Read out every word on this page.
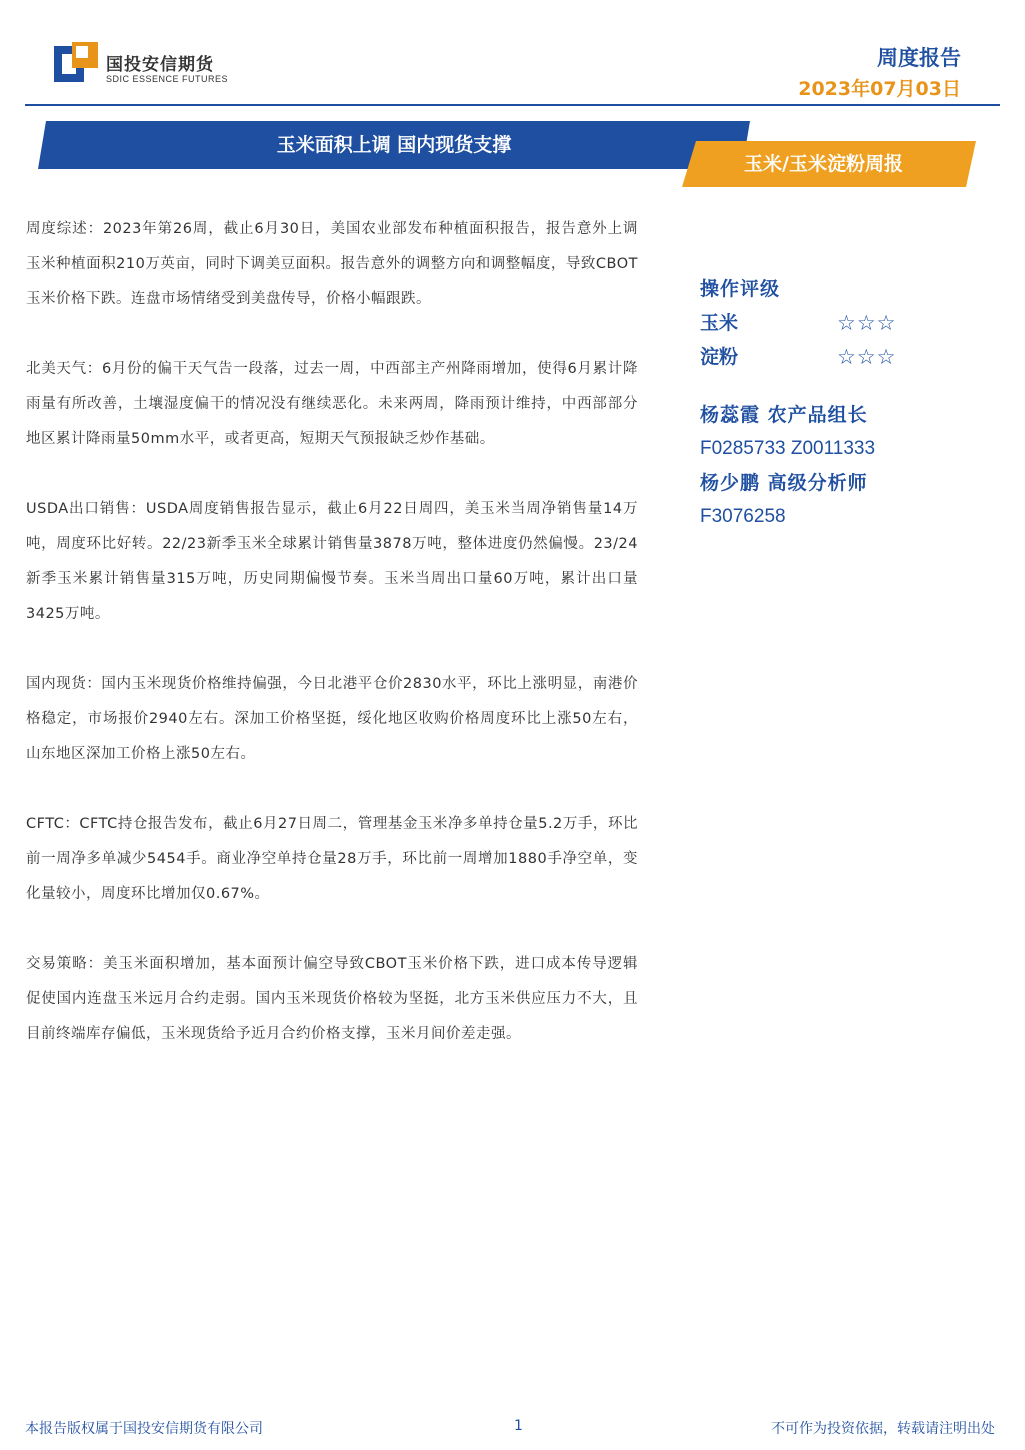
国投安信期货
SDIC ESSENCE FUTURES
周度报告
2023年07月03日
玉米面积上调 国内现货支撑
玉米/玉米淀粉周报

周度综述：2023年第26周，截止6月30日，美国农业部发布种植面积报告，报告意外上调玉米种植面积210万英亩，同时下调美豆面积。报告意外的调整方向和调整幅度，导致CBOT玉米价格下跌。连盘市场情绪受到美盘传导，价格小幅跟跌。

北美天气：6月份的偏干天气告一段落，过去一周，中西部主产州降雨增加，使得6月累计降雨量有所改善，土壤湿度偏干的情况没有继续恶化。未来两周，降雨预计维持，中西部部分地区累计降雨量50mm水平，或者更高，短期天气预报缺乏炒作基础。

USDA出口销售：USDA周度销售报告显示，截止6月22日周四，美玉米当周净销售量14万吨，周度环比好转。22/23新季玉米全球累计销售量3878万吨，整体进度仍然偏慢。23/24新季玉米累计销售量315万吨，历史同期偏慢节奏。玉米当周出口量60万吨，累计出口量3425万吨。

国内现货：国内玉米现货价格维持偏强，今日北港平仓价2830水平，环比上涨明显，南港价格稳定，市场报价2940左右。深加工价格坚挺，绥化地区收购价格周度环比上涨50左右，山东地区深加工价格上涨50左右。

CFTC：CFTC持仓报告发布，截止6月27日周二，管理基金玉米净多单持仓量5.2万手，环比前一周净多单减少5454手。商业净空单持仓量28万手，环比前一周增加1880手净空单，变化量较小，周度环比增加仅0.67%。

交易策略：美玉米面积增加，基本面预计偏空导致CBOT玉米价格下跌，进口成本传导逻辑促使国内连盘玉米远月合约走弱。国内玉米现货价格较为坚挺，北方玉米供应压力不大，且目前终端库存偏低，玉米现货给予近月合约价格支撑，玉米月间价差走强。

操作评级
玉米	☆☆☆
淀粉	☆☆☆
杨蕊霞 农产品组长
F0285733 Z0011333
杨少鹏 高级分析师
F3076258
本报告版权属于国投安信期货有限公司	1	不可作为投资依据，转载请注明出处
